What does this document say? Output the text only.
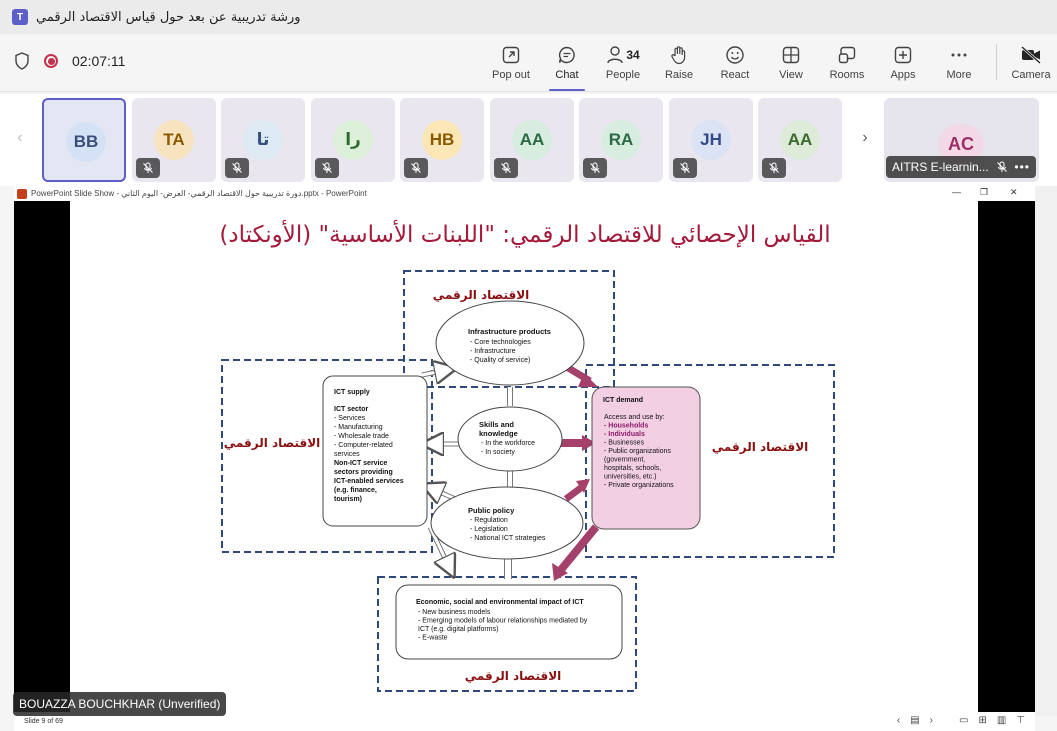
T ورشة تدريبية عن بعد حول قياس الاقتصاد الرقمي
02:07:11
Pop out Chat
34
People Raise	React	View Rooms Apps	More	Camera
‹	BB	TA	تا	را	HB	AA	RA	JH	AA	›	AC
AITRS E-learnin...	•••
PowerPoint Slide Show - دورة تدريبية حول الاقتصاد الرقمي- العرض- اليوم الثاني.pptx - PowerPoint	— ❐ ✕
القياس الإحصائي للاقتصاد الرقمي: "اللبنات الأساسية" (الأونكتاد)
الاقتصاد الرقمي
الاقتصاد الرقمي	الاقتصاد الرقمي
الاقتصاد الرقمي
Infrastructure products
- Core technologies
- Infrastructure
- Quality of service)
Skills and
knowledge
- In the workforce
- In society
Public policy
- Regulation
- Legislation
- National ICT strategies
ICT supply
ICT sector
- Services
- Manufacturing
- Wholesale trade
- Computer-related
services
Non-ICT service
sectors providing
ICT-enabled services
(e.g. finance,
tourism)
ICT demand
Access and use by:
- Households
- Individuals
- Businesses
- Public organizations
(government,
hospitals, schools,
universities, etc.)
- Private organizations
Economic, social and environmental impact of ICT
- New business models
- Emerging models of labour relationships mediated by
ICT (e.g. digital platforms)
- E-waste
Slide 9 of 69	‹ ▤ ›	▭ ⊞ ▥ ⊤
BOUAZZA BOUCHKHAR (Unverified)
